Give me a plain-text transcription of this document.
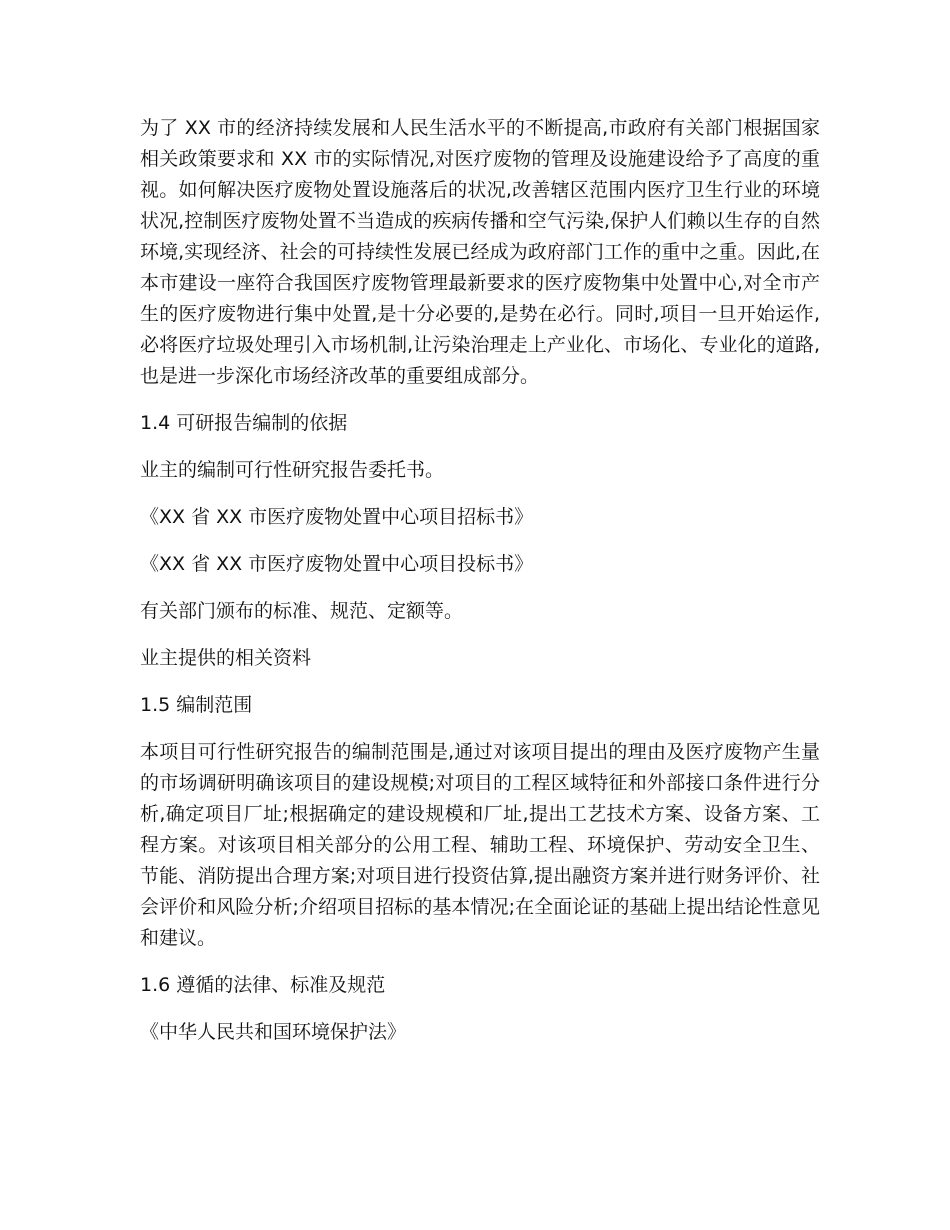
为了 XX 市的经济持续发展和人民生活水平的不断提高,市政府有关部门根据国家相关政策要求和 XX 市的实际情况,对医疗废物的管理及设施建设给予了高度的重视。如何解决医疗废物处置设施落后的状况,改善辖区范围内医疗卫生行业的环境状况,控制医疗废物处置不当造成的疾病传播和空气污染,保护人们赖以生存的自然环境,实现经济、社会的可持续性发展已经成为政府部门工作的重中之重。因此,在本市建设一座符合我国医疗废物管理最新要求的医疗废物集中处置中心,对全市产生的医疗废物进行集中处置,是十分必要的,是势在必行。同时,项目一旦开始运作,必将医疗垃圾处理引入市场机制,让污染治理走上产业化、市场化、专业化的道路,也是进一步深化市场经济改革的重要组成部分。

1.4 可研报告编制的依据

业主的编制可行性研究报告委托书。

《XX 省 XX 市医疗废物处置中心项目招标书》

《XX 省 XX 市医疗废物处置中心项目投标书》

有关部门颁布的标准、规范、定额等。

业主提供的相关资料

1.5 编制范围

本项目可行性研究报告的编制范围是,通过对该项目提出的理由及医疗废物产生量的市场调研明确该项目的建设规模;对项目的工程区域特征和外部接口条件进行分析,确定项目厂址;根据确定的建设规模和厂址,提出工艺技术方案、设备方案、工程方案。对该项目相关部分的公用工程、辅助工程、环境保护、劳动安全卫生、节能、消防提出合理方案;对项目进行投资估算,提出融资方案并进行财务评价、社会评价和风险分析;介绍项目招标的基本情况;在全面论证的基础上提出结论性意见和建议。

1.6 遵循的法律、标准及规范

《中华人民共和国环境保护法》
